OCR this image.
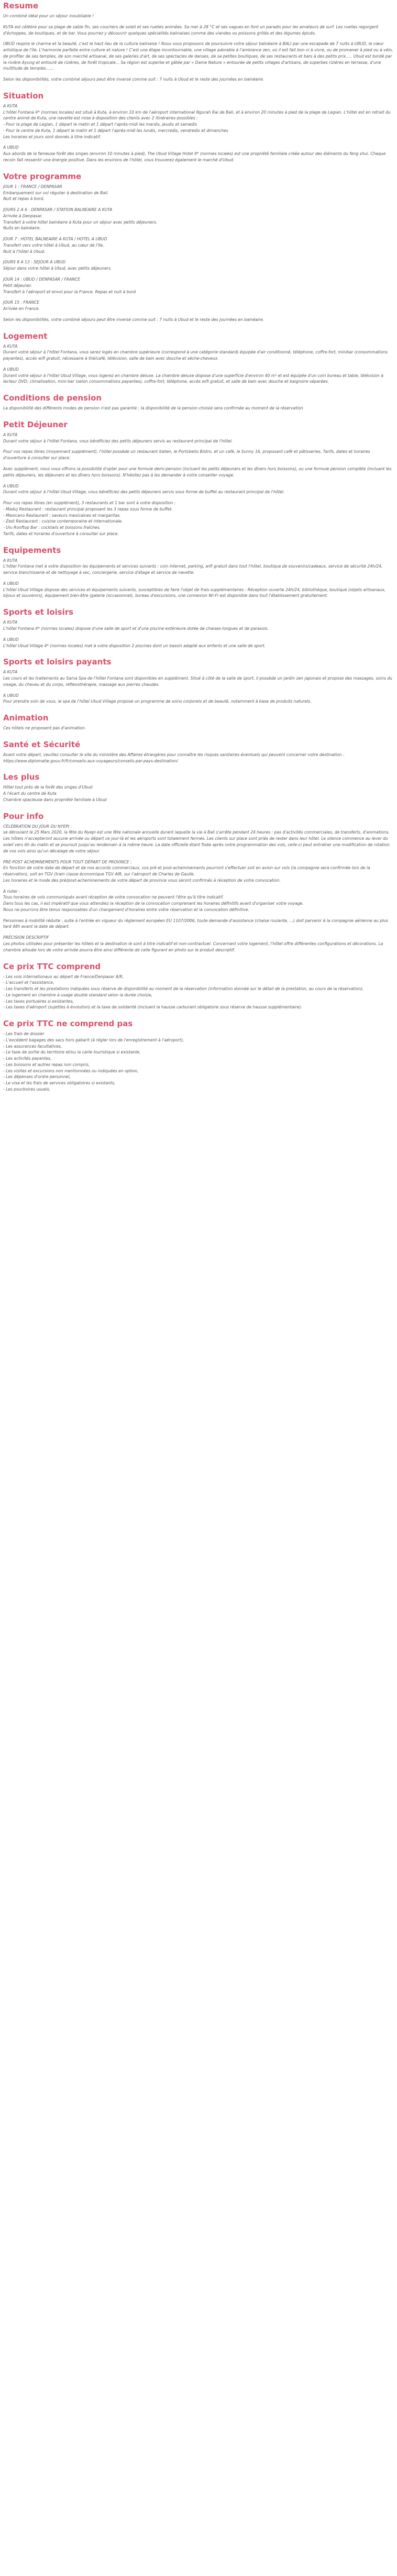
Resume
Un combiné idéal pour un séjour inoubliable !
KUTA est célèbre pour sa plage de sable fin, ses couchers de soleil et ses ruelles animées. Sa mer à 28 °C et ses vagues en font un paradis pour les amateurs de surf. Les ruelles regorgent d'échoppes, de boutiques, et de bar. Vous pourrez y découvrir quelques spécialités balinaises comme des viandes ou poissons grillés et des légumes épicés.
UBUD respire le charme et la beauté, c'est le haut lieu de la culture balinaise ! Nous vous proposons de poursuivre votre séjour balnéaire à BALI par une escapade de 7 nuits à UBUD, le cœur artistique de l'île. L'harmonie parfaite entre culture et nature ! C'est une étape incontournable, une village adorable à l'ambiance zen, où il est fait bon vi à vivre, ou de promener à pied ou à vélo, de profiter de ses temples, de son marché artisanal, de ses galeries d'art, de ses spectacles de danses, de sa petites boutiques, de ses restaurants et bars à des petits prix..... Ubud est bordé par la rivière Ayung et entouré de rizières, de forêt tropicale... Sa région est superbe et gâtée par « Dame Nature » entourée de petits villages d'artisans, de superbes rizières en terrasse, d'une multitude de temples......
Selon les disponibilités, votre combiné séjours peut être inversé comme suit : 7 nuits à Ubud et le reste des journées en balnéaire.
Situation
A KUTA
L'hôtel Fontana 4* (normes locales) est situé à Kuta, à environ 10 km de l'aéroport international Ngurah Rai de Bali, et à environ 20 minutes à pied de la plage de Legian. L'hôtel est en retrait du centre animé de Kuta, une navette est mise à disposition des clients avec 2 itinéraires possibles :
- Pour la plage de Legian, 1 départ le matin et 1 départ l'après-midi les mardis, jeudis et samedis
- Pour le centre de Kuta, 1 départ le matin et 1 départ l'après-midi les lundis, mercredis, vendredis et dimanches
Les horaires et jours sont donnés à titre indicatif.
A UBUD
Aux abords de la fameuse forêt des singes (environ 10 minutes à pied), The Ubud Village Hotel 4* (normes locales) est une propriété familiale créée autour des éléments du feng shui. Chaque recoin fait ressentir une énergie positive. Dans les environs de l'hôtel, vous trouverez également le marché d'Ubud.
Votre programme
JOUR 1 : FRANCE / DENPASAR
Embarquement sur vol régulier à destination de Bali.
Nuit et repas à bord.
JOURS 2 A 6 : DENPASAR / STATION BALNEAIRE A KUTA
Arrivée à Denpasar.
Transfert à votre hôtel balnéaire à Kuta pour un séjour avec petits déjeuners.
Nuits en balnéaire.
JOUR 7 : HOTEL BALNEAIRE A KUTA / HOTEL A UBUD
Transfert vers votre hôtel à Ubud, au cœur de l'île.
Nuit à l'hôtel à Ubud.
JOURS 8 A 13 : SEJOUR A UBUD
Séjour dans votre hôtel à Ubud, avec petits déjeuners.
JOUR 14 : UBUD / DENPASAR / FRANCE
Petit déjeuner.
Transfert à l'aéroport et envol pour la France. Repas et nuit à bord
JOUR 15 : FRANCE
Arrivée en France.
Selon les disponibilités, votre combiné séjours peut être inversé comme suit : 7 nuits à Ubud et le reste des journées en balnéaire.
Logement
A KUTA
Durant votre séjour à l'hôtel Fontana, vous serez logés en chambre supérieure (correspond à une catégorie standard) équipée d'air conditionné, téléphone, coffre-fort, minibar (consommations payantes), accès wifi gratuit, nécessaire à thé/café, télévision, salle de bain avec douche et sèche-cheveux.
A UBUD
Durant votre séjour à l'hôtel Ubud Village, vous logerez en chambre deluxe. La chambre deluxe dispose d'une superficie d'environ 40 m² et est équipée d'un coin bureau et table, télévision à lecteur DVD, climatisation, mini-bar (selon consommations payantes), coffre-fort, téléphone, accès wifi gratuit, et salle de bain avec douche et baignoire séparées.
Conditions de pension
La disponibilité des différents modes de pension n'est pas garantie ; la disponibilité de la pension choisie sera confirmée au moment de la réservation
Petit Déjeuner
A KUTA
Durant votre séjour à l'hôtel Fontana, vous bénéficiez des petits déjeuners servis au restaurant principal de l'hôtel.
Pour vos repas libres (moyennant supplément), l'hôtel possède un restaurant italien, le Portobello Bistro, et un café, le Sunny 16, proposant café et pâtisseries. Tarifs, dates et horaires d'ouverture à consulter sur place.
Avec supplément, nous vous offrons la possibilité d'opter pour une formule demi-pension (incluant les petits déjeuners et les dîners hors boissons), ou une formule pension complète (incluant les petits déjeuners, les déjeuners et les dîners hors boissons). N'hésitez pas à les demander à votre conseiller voyage.
A UBUD
Durant votre séjour à l'hôtel Ubud Village, vous bénéficiez des petits déjeuners servis sous forme de buffet au restaurant principal de l'hôtel.
Pour vos repas libres (en supplément), 3 restaurants et 1 bar sont à votre disposition :
- Maduj Restaurant : restaurant principal proposant les 3 repas sous forme de buffet.
- Mexicano Restaurant : saveurs mexicaines et margaritas.
- Zest Restaurant : cuisine contemporaine et internationale.
- Ulu Rooftop Bar : cocktails et boissons fraîches.
Tarifs, dates et horaires d'ouverture à consulter sur place.
Equipements
A KUTA
L'hôtel Fontana met à votre disposition les équipements et services suivants : coin Internet, parking, wifi gratuit dans tout l'hôtel, boutique de souvenirs/cadeaux, service de sécurité 24h/24, service blanchisserie et de nettoyage à sec, conciergerie, service d'étage et service de navette.
A UBUD
L'hôtel Ubud Village dispose des services et équipements suivants, susceptibles de faire l'objet de frais supplémentaires : Réception ouverte 24h/24, bibliothèque, boutique (objets artisanaux, bijoux et souvenirs), équipement bien-être (galerie (occasionnel), bureau d'excursions, une connexion Wi-Fi est disponible dans tout l'établissement gratuitement.
Sports et loisirs
A KUTA
L'hôtel Fontana 4* (normes locales) dispose d'une salle de sport et d'une piscine extérieure dotée de chaises-longues et de parasols.
A UBUD
L'hôtel Ubud Village 4* (normes locales) met à votre disposition 2 piscines dont un bassin adapté aux enfants et une salle de sport.
Sports et loisirs payants
A KUTA
Les cours et les traitements au Sama Spa de l'hôtel Fontana sont disponibles en supplément. Situé à côté de la salle de sport, il possède un jardin zen japonais et propose des massages, soins du visage, du cheveu et du corps, réflexothérapie, massage aux pierres chaudes.
A UBUD
Pour prendre soin de vous, le spa de l'hôtel Ubud Village propose un programme de soins corporels et de beauté, notamment à base de produits naturels.
Animation
Ces hôtels ne proposent pas d'animation.
Santé et Sécurité
Avant votre départ, veuillez consulter le site du ministère des Affaires étrangères pour connaître les risques sanitaires éventuels qui peuvent concerner votre destination : https://www.diplomatie.gouv.fr/fr/conseils-aux-voyageurs/conseils-par-pays-destination/
Les plus
Hôtel tout près de la forêt des singes d'Ubud
A l'écart du centre de Kuta
Chambre spacieuse dans propriété familiale à Ubud
Pour info
CÉLÉBRATION DU JOUR DU NYEPI :
se déroulant le 25 Mars 2020, la fête du Nyepi est une fête nationale annuelle durant laquelle la vie à Bali s'arrête pendant 24 heures : pas d'activités commerciales, de transferts, d'animations. Les hôtels n'accepteront aucune arrivée ou départ ce jour-là et les aéroports sont totalement fermés. Les clients sur place sont priés de rester dans leur hôtel. Le silence commence au lever du soleil vers 6h du matin et se poursuit jusqu'au lendemain à la même heure. La date officielle étant fixée après notre programmation des vols, celle-ci peut entraîner une modification de rotation de vos vols ainsi qu'un décalage de votre séjour.
PRÉ-POST ACHEMINEMENTS POUR TOUT DÉPART DE PROVINCE :
En fonction de votre date de départ et de nos accords commerciaux, vos pré et post-acheminements pourront s'effectuer soit en avion sur vols (la compagnie sera confirmée lors de la réservation), soit en TGV (train classe économique TGV AIR, sur l'aéroport de Charles de Gaulle.
Les horaires et le mode des pré/post-acheminements de votre départ de province vous seront confirmés à réception de votre convocation.
A noter :
Tous horaires de vols communiqués avant réception de votre convocation ne peuvent l'être qu'à titre indicatif.
Dans tous les cas, il est impératif que vous attendiez la réception de la convocation comprenant les horaires définitifs avant d'organiser votre voyage.
Nous ne pourrons être tenus responsables d'un changement d'horaires entre votre réservation et la convocation définitive.
Personnes à mobilité réduite : suite à l'entrée en vigueur du règlement européen EU 1107/2006, toute demande d'assistance (chaise roulante, ...) doit parvenir à la compagnie aérienne au plus tard 48h avant la date de départ.
PRÉCISION DESCRIPTIF
Les photos utilisées pour présenter les hôtels et la destination le sont à titre indicatif et non-contractuel. Concernant votre logement, l'hôtel offre différentes configurations et décorations. La chambre allouée lors de votre arrivée pourra être ainsi différente de celle figurant en photo sur le produit descriptif.
Ce prix TTC comprend
- Les vols internationaux au départ de France/Denpasar A/R,
- L'accueil et l'assistance,
- Les transferts et les prestations indiquées sous réserve de disponibilité au moment de la réservation (information donnée sur le détail de la prestation, au cours de la réservation),
- Le logement en chambre à usage double standard selon la durée choisie,
- Les taxes portuaires si existantes,
- Les taxes d'aéroport (sujettes à évolution) et la taxe de solidarité (incluant la hausse carburant obligatoire sous réserve de hausse supplémentaire).
Ce prix TTC ne comprend pas
- Les frais de dossier
- L'excédent bagages des sacs hors gabarit (à régler lors de l'enregistrement à l'aéroport),
- Les assurances facultatives,
- Le taxe de sortie du territoire et/ou la carte touristique si existante,
- Les activités payantes,
- Les boissons et autres repas non compris,
- Les visites et excursions non mentionnées ou indiquées en option,
- Les dépenses d'ordre personnel,
- Le visa et les frais de services obligatoires si existants,
- Les pourboires usuels.
